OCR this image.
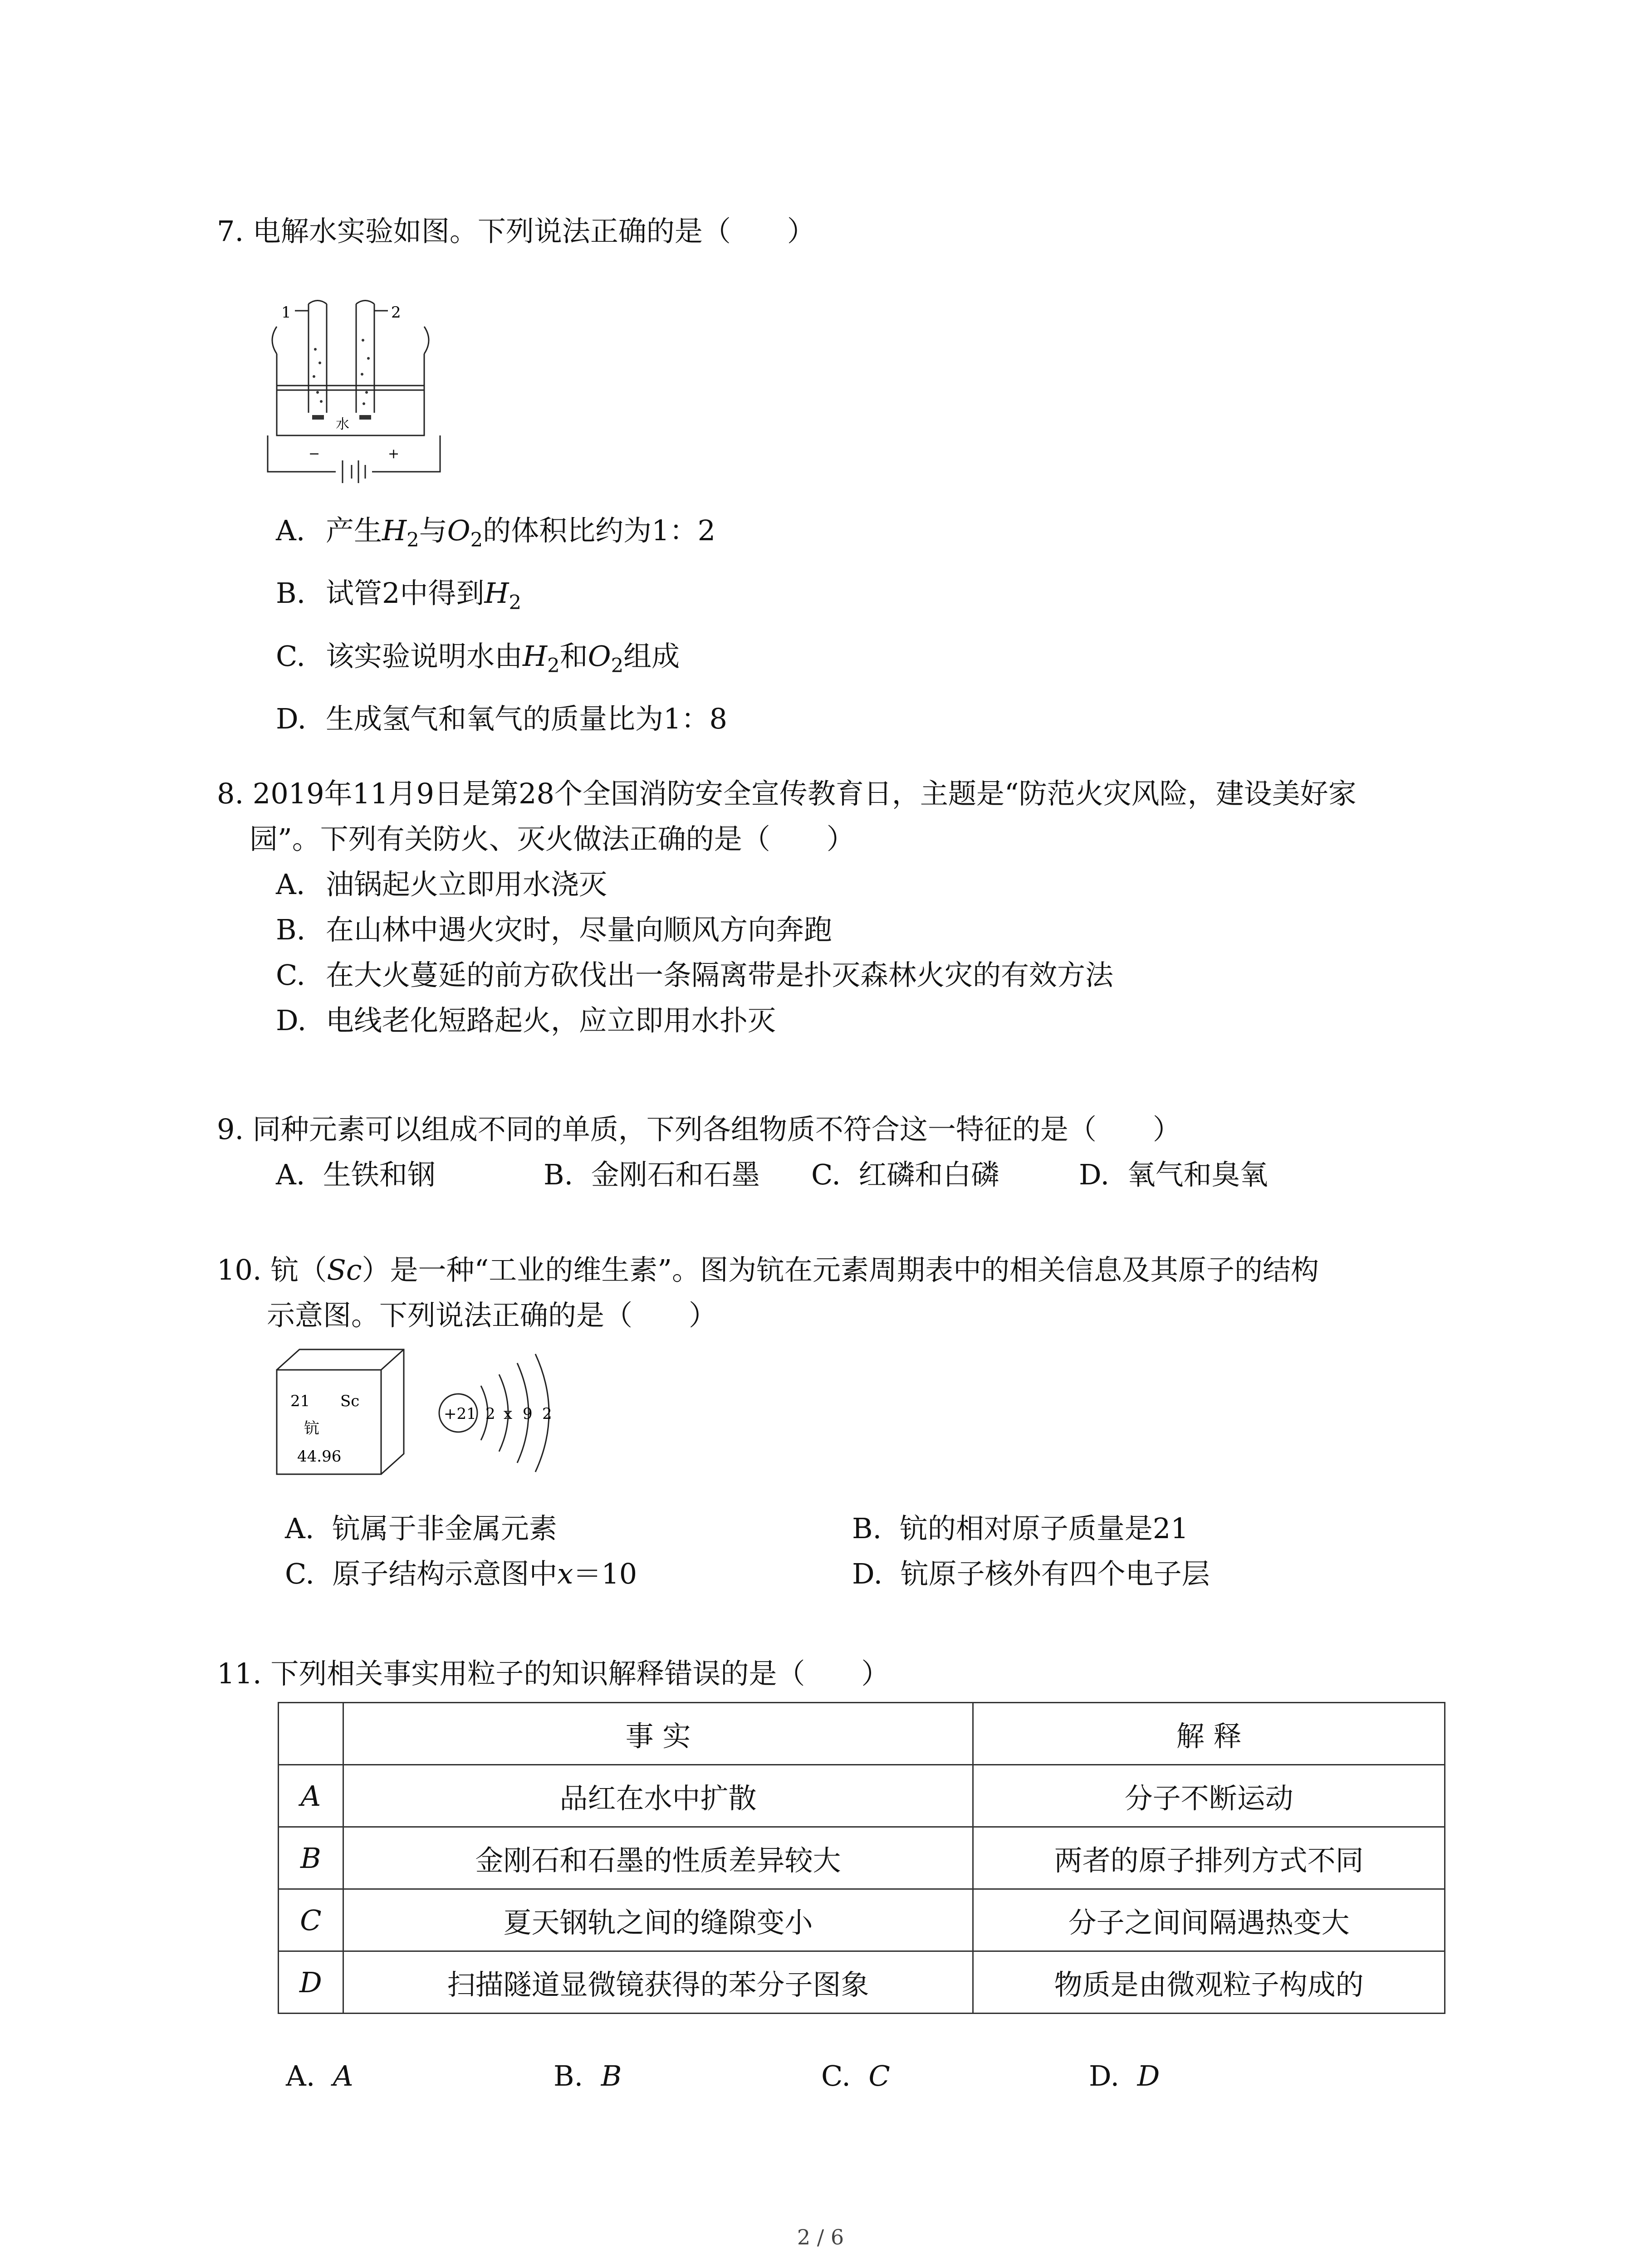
7. 电解水实验如图。下列说法正确的是（　　）

1	2
水
−	+
A. 产生$H_2$与$O_2$的体积比约为1：2
B. 试管2中得到$H_2$
C. 该实验说明水由$H_2$和$O_2$组成
D. 生成氢气和氧气的质量比为1：8

8. 2019年11月9日是第28个全国消防安全宣传教育日，主题是“防范火灾风险，建设美好家

园”。下列有关防火、灭火做法正确的是（　　）

A. 油锅起火立即用水浇灭
B. 在山林中遇火灾时，尽量向顺风方向奔跑
C. 在大火蔓延的前方砍伐出一条隔离带是扑灭森林火灾的有效方法
D. 电线老化短路起火，应立即用水扑灭

9. 同种元素可以组成不同的单质，下列各组物质不符合这一特征的是（　　）

A. 生铁和钢	B. 金刚石和石墨	C. 红磷和白磷	D. 氧气和臭氧

10. 钪（Sc）是一种“工业的维生素”。图为钪在元素周期表中的相关信息及其原子的结构

示意图。下列说法正确的是（　　）

21 Sc
钪
44.96
+21 2 x 9 2
A. 钪属于非金属元素	B. 钪的相对原子质量是21
C. 原子结构示意图中x＝10	D. 钪原子核外有四个电子层

11. 下列相关事实用粒子的知识解释错误的是（　　）

	事 实	解 释
A	品红在水中扩散	分子不断运动
B	金刚石和石墨的性质差异较大	两者的原子排列方式不同
C	夏天钢轨之间的缝隙变小	分子之间间隔遇热变大
D	扫描隧道显微镜获得的苯分子图象	物质是由微观粒子构成的
A. A	B. B	C. C	D. D
2 / 6
